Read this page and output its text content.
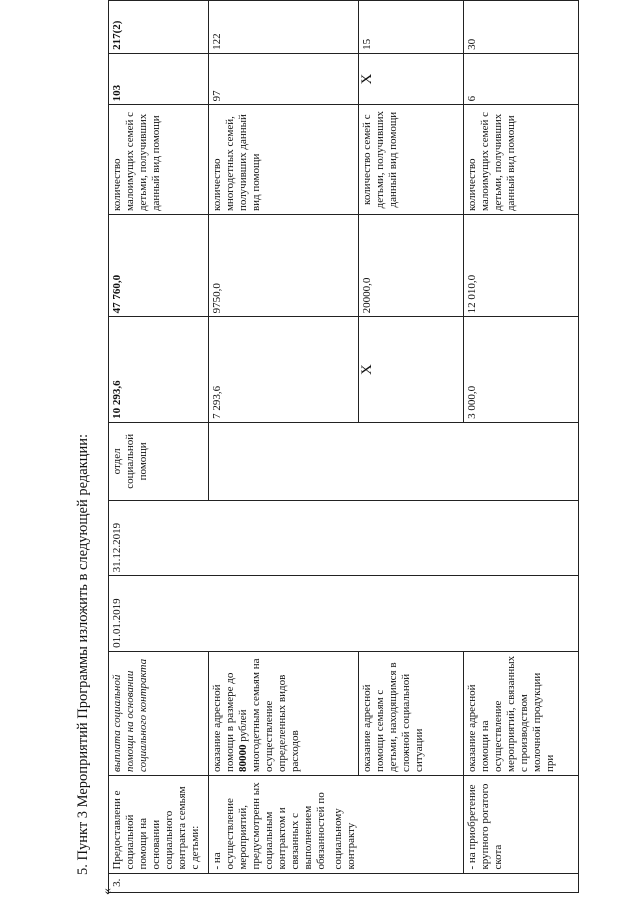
5. Пункт 3 Мероприятий Программы изложить в следующей редакции:
«
3.	Предоставлени е социальной помощи на основании социального контракта семьям с детьми:	выплата социальной помощи на основании социального контракта	01.01.2019	31.12.2019	отдел социальной помощи	10 293,6	47 760,0	количество малоимущих семей с детьми, получивших данный вид помощи	103	217(2)
	- на осуществление мероприятий, предусмотренн ых социальным контрактом и связанных с выполнением обязанностей по социальному контракту	оказание адресной помощи в размере до 80000 рублей многодетным семьям на осуществление определенных видов расходов				7 293,6	9750,0	количество многодетных семей, получивших данный вид помощи	97	122
		оказание адресной помощи семьям с детьми, находящимся в сложной социальной ситуации				X	20000,0	количество семей с детьми, получивших данный вид помощи	X	15
	- на приобретение крупного рогатого скота	оказание адресной помощи на осуществление мероприятий, связанных с производством молочной продукции при				3 000,0	12 010,0	количество малоимущих семей с детьми, получивших данный вид помощи	6	30
